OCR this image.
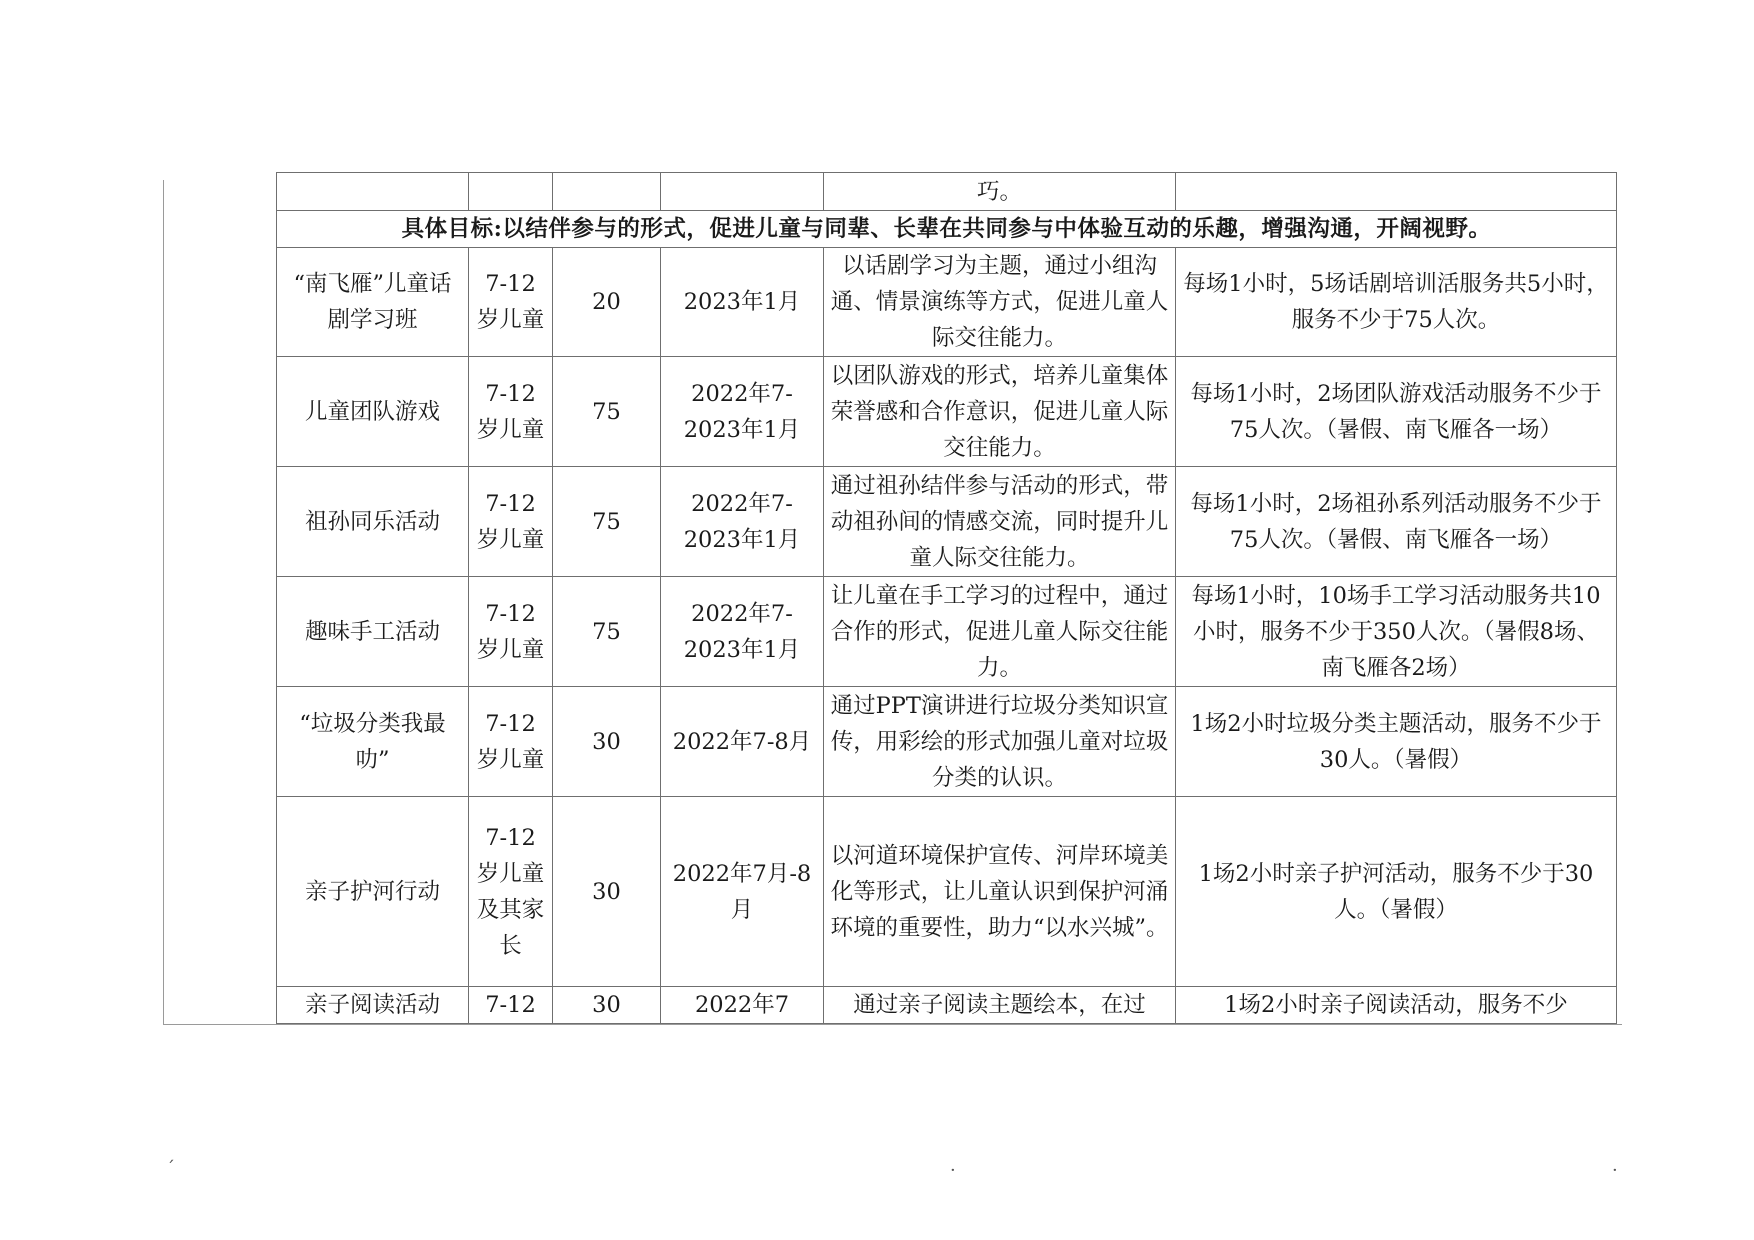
				巧。	
具体目标:以结伴参与的形式，促进儿童与同辈、长辈在共同参与中体验互动的乐趣，增强沟通，开阔视野。					
“南飞雁”儿童话剧学习班	7-12岁儿童	20	2023年1月	以话剧学习为主题，通过小组沟通、情景演练等方式，促进儿童人际交往能力。	每场1小时，5场话剧培训活服务共5小时，服务不少于75人次。
儿童团队游戏	7-12岁儿童	75	2022年7-2023年1月	以团队游戏的形式，培养儿童集体荣誉感和合作意识，促进儿童人际交往能力。	每场1小时，2场团队游戏活动服务不少于75人次。（暑假、南飞雁各一场）
祖孙同乐活动	7-12岁儿童	75	2022年7-2023年1月	通过祖孙结伴参与活动的形式，带动祖孙间的情感交流，同时提升儿童人际交往能力。	每场1小时，2场祖孙系列活动服务不少于75人次。（暑假、南飞雁各一场）
趣味手工活动	7-12岁儿童	75	2022年7-2023年1月	让儿童在手工学习的过程中，通过合作的形式，促进儿童人际交往能力。	每场1小时，10场手工学习活动服务共10小时，服务不少于350人次。（暑假8场、南飞雁各2场）
“垃圾分类我最叻”	7-12岁儿童	30	2022年7-8月	通过PPT演讲进行垃圾分类知识宣传，用彩绘的形式加强儿童对垃圾分类的认识。	1场2小时垃圾分类主题活动，服务不少于30人。（暑假）
亲子护河行动	7-12岁儿童及其家长	30	2022年7月-8月	以河道环境保护宣传、河岸环境美化等形式，让儿童认识到保护河涌环境的重要性，助力“以水兴城”。	1场2小时亲子护河活动，服务不少于30人。（暑假）
亲子阅读活动	7-12	30	2022年7	通过亲子阅读主题绘本，在过	1场2小时亲子阅读活动，服务不少
ˊ	·	·
